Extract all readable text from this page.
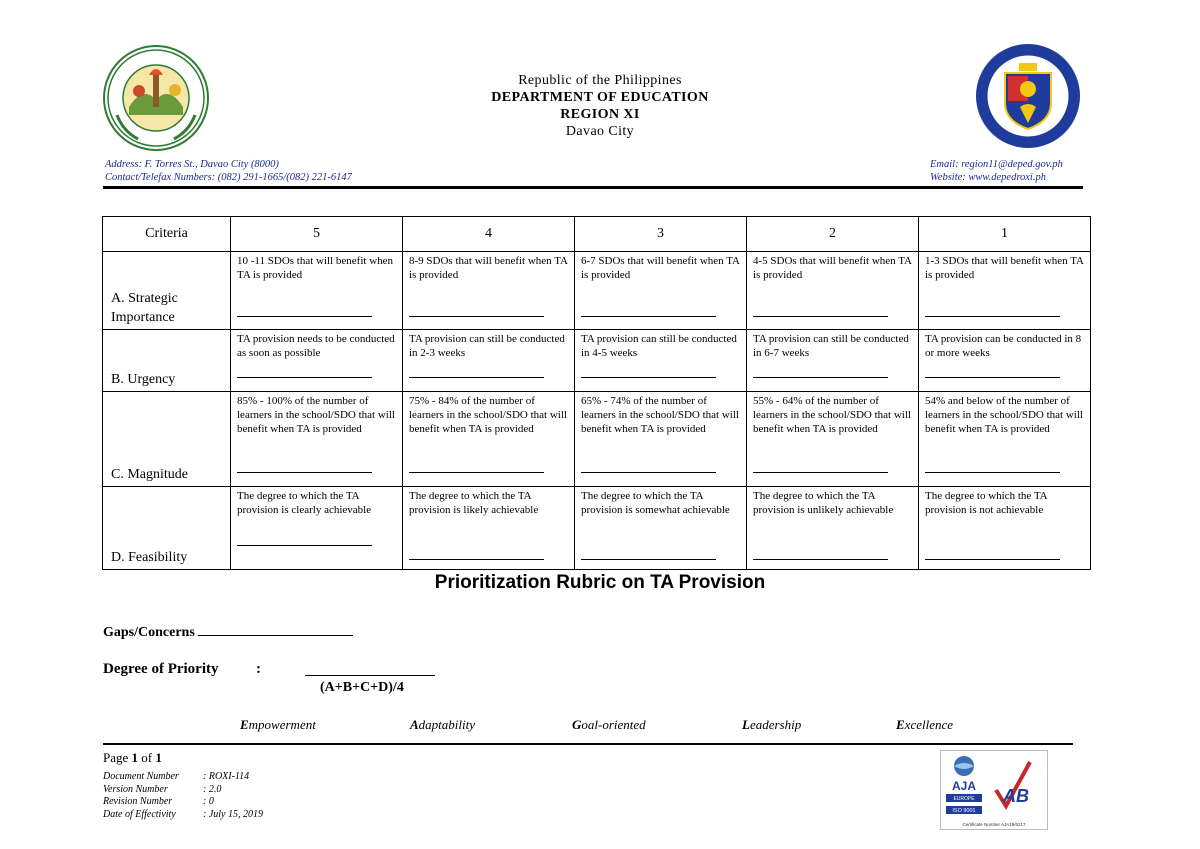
Republic of the Philippines
DEPARTMENT OF EDUCATION
REGION XI
Davao City
Address: F. Torres St., Davao City (8000)
Contact/Telefax Numbers: (082) 291-1665/(082) 221-6147
Email: region11@deped.gov.ph
Website: www.depedroxi.ph
Criteria	5	4	3	2	1

A. Strategic Importance	10 -11 SDOs that will benefit when TA is provided	8-9 SDOs that will benefit when TA is provided	6-7 SDOs that will benefit when TA is provided	4-5 SDOs that will benefit when TA is provided	1-3 SDOs that will benefit when TA is provided

B. Urgency	TA provision needs to be conducted as soon as possible	TA provision can still be conducted in 2-3 weeks	TA provision can still be conducted in 4-5 weeks	TA provision can still be conducted in 6-7 weeks	TA provision can be conducted in 8 or more weeks

C. Magnitude	85% - 100% of the number of learners in the school/SDO that will benefit when TA is provided	75% - 84% of the number of learners in the school/SDO that will benefit when TA is provided	65% - 74% of the number of learners in the school/SDO that will benefit when TA is provided	55% - 64% of the number of learners in the school/SDO that will benefit when TA is provided	54% and below of the number of learners in the school/SDO that will benefit when TA is provided

D. Feasibility	The degree to which the TA provision is clearly achievable	The degree to which the TA provision is likely achievable	The degree to which the TA provision is somewhat achievable	The degree to which the TA provision is unlikely achievable	The degree to which the TA provision is not achievable
Prioritization Rubric on TA Provision
Gaps/Concerns
Degree of Priority	:
(A+B+C+D)/4
Empowerment	Adaptability	Goal-oriented	Leadership	Excellence
Page 1 of 1
Document Number : ROXI-114
Version Number	: 2.0
Revision Number	: 0
Date of Effectivity	: July 15, 2019
AJA
EUROPE
ISO 9001
AB
Certificate Number AJA19/6217
